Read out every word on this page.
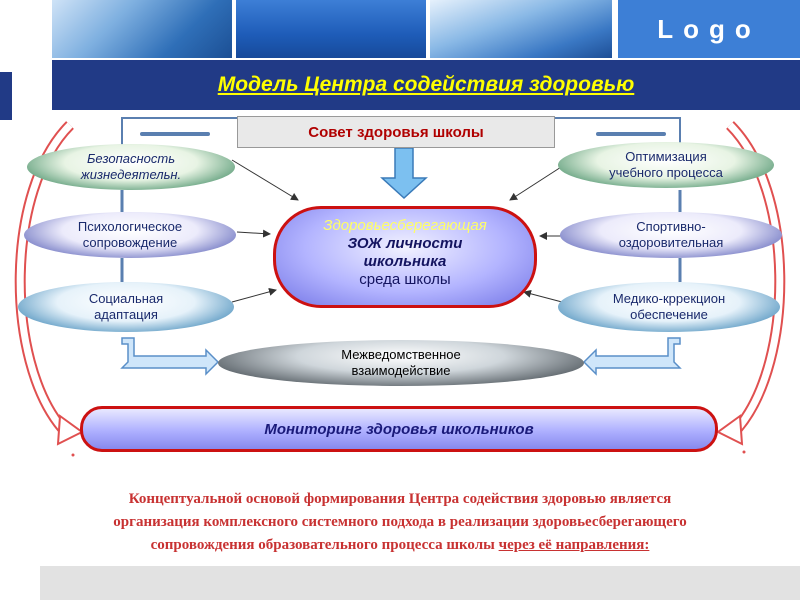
Logo
Модель Центра содействия здоровью
Совет здоровья школы
Безопасность
жизнедеятельн.
Психологическое
сопровождение
Социальная
адаптация
Оптимизация
учебного процесса
Спортивно-
оздоровительная
Медико-кррекцион
обеспечение
Здоровьесберегающая
ЗОЖ личности
школьника
среда школы
Межведомственное
взаимодействие
Мониторинг здоровья школьников
Концептуальной основой формирования Центра содействия здоровью является
организация комплексного системного подхода в реализации здоровьесберегающего
сопровождения образовательного процесса школы через её направления:
